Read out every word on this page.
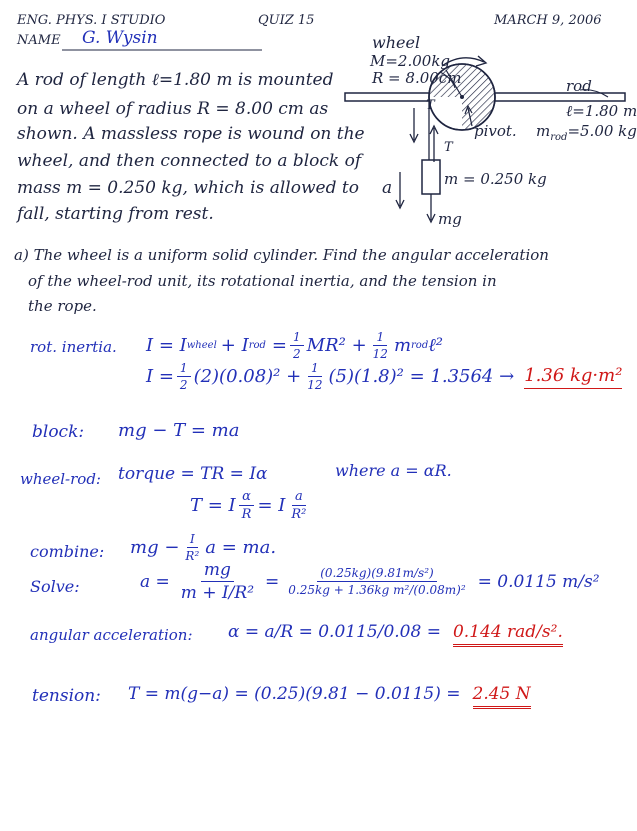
ENG. PHYS. I STUDIO
NAME G. Wysin
QUIZ 15	MARCH 9, 2006
A rod of length ℓ=1.80 m is mounted
on a wheel of radius R = 8.00 cm as
shown. A massless rope is wound on the
wheel, and then connected to a block of
mass m = 0.250 kg, which is allowed to
fall, starting from rest.
wheel
M=2.00kg
R = 8.00cm	rod
ℓ=1.80 m
$m_{rod}=5.00$ kg
pivot.
T
T
m = 0.250 kg
a
mg
a) The wheel is a uniform solid cylinder. Find the angular acceleration
of the wheel-rod unit, its rotational inertia, and the tension in
the rope.
rot. inertia. I = I wheel + I rod = $\frac{1}{2} MR^2 + \frac{1}{12}$ m rod ℓ²
$I = \frac{1}{2} (2)(0.08)^2 + \frac{1}{12} (5)(1.8)^2 = 1.3564 \to 1.36$ kg·m²
block: mg − T = ma
wheel-rod: torque = TR = Iα	where a = αR.
T = I $\frac{\alpha}{R} = I \frac{a}{\text{R²}}$
combine: mg − $\frac{I}{\text{R²}}$ a = ma.
Solve:	$a = \frac{mg}{\text{m + I/R²}} = \frac{\text{(0.25kg)(9.81m/s²)}}{\text{0.25kg + 1.36kg m²/(0.08m)²}} = 0.0115$ m/s²
angular acceleration: α = a/R = 0.0115/0.08 = 0.144 rad/s².
tension: T = m(g−a) = (0.25)(9.81 − 0.0115) = 2.45 N
